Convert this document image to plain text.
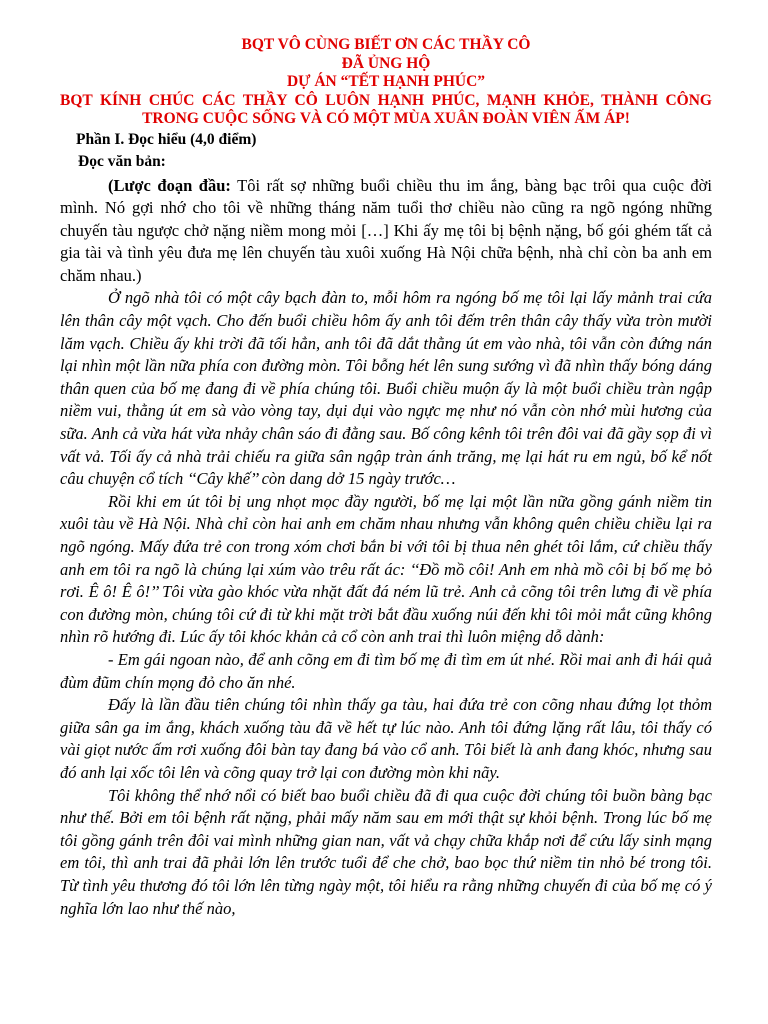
BQT VÔ CÙNG BIẾT ƠN CÁC THẦY CÔ
ĐÃ ỦNG HỘ
DỰ ÁN “TẾT HẠNH PHÚC”
BQT KÍNH CHÚC CÁC THẦY CÔ LUÔN HẠNH PHÚC, MẠNH KHỎE, THÀNH CÔNG TRONG CUỘC SỐNG VÀ CÓ MỘT MÙA XUÂN ĐOÀN VIÊN ẤM ÁP!
Phần I. Đọc hiểu (4,0 điểm)
Đọc văn bản:

(Lược đoạn đầu: Tôi rất sợ những buổi chiều thu im ắng, bàng bạc trôi qua cuộc đời mình. Nó gợi nhớ cho tôi về những tháng năm tuổi thơ chiều nào cũng ra ngõ ngóng những chuyến tàu ngược chở nặng niềm mong mỏi […] Khi ấy mẹ tôi bị bệnh nặng, bố gói ghém tất cả gia tài và tình yêu đưa mẹ lên chuyến tàu xuôi xuống Hà Nội chữa bệnh, nhà chỉ còn ba anh em chăm nhau.)

Ở ngõ nhà tôi có một cây bạch đàn to, mỗi hôm ra ngóng bố mẹ tôi lại lấy mảnh trai cứa lên thân cây một vạch. Cho đến buổi chiều hôm ấy anh tôi đếm trên thân cây thấy vừa tròn mười lăm vạch. Chiều ấy khi trời đã tối hẳn, anh tôi đã dắt thằng út em vào nhà, tôi vẫn còn đứng nán lại nhìn một lần nữa phía con đường mòn. Tôi bỗng hét lên sung sướng vì đã nhìn thấy bóng dáng thân quen của bố mẹ đang đi về phía chúng tôi. Buổi chiều muộn ấy là một buổi chiều tràn ngập niềm vui, thằng út em sà vào vòng tay, dụi dụi vào ngực mẹ như nó vẫn còn nhớ mùi hương của sữa. Anh cả vừa hát vừa nhảy chân sáo đi đằng sau. Bố công kênh tôi trên đôi vai đã gầy sọp đi vì vất vả. Tối ấy cả nhà trải chiếu ra giữa sân ngập tràn ánh trăng, mẹ lại hát ru em ngủ, bố kể nốt câu chuyện cổ tích ‘‘Cây khế’’ còn dang dở 15 ngày trước…

Rồi khi em út tôi bị ung nhọt mọc đầy người, bố mẹ lại một lần nữa gồng gánh niềm tin xuôi tàu về Hà Nội. Nhà chỉ còn hai anh em chăm nhau nhưng vẫn không quên chiều chiều lại ra ngõ ngóng. Mấy đứa trẻ con trong xóm chơi bắn bi với tôi bị thua nên ghét tôi lắm, cứ chiều thấy anh em tôi ra ngõ là chúng lại xúm vào trêu rất ác: ‘‘Đồ mồ côi! Anh em nhà mồ côi bị bố mẹ bỏ rơi. Ê ô! Ê ô!’’ Tôi vừa gào khóc vừa nhặt đất đá ném lũ trẻ. Anh cả cõng tôi trên lưng đi về phía con đường mòn, chúng tôi cứ đi từ khi mặt trời bắt đầu xuống núi đến khi tôi mỏi mắt cũng không nhìn rõ hướng đi. Lúc ấy tôi khóc khản cả cổ còn anh trai thì luôn miệng dỗ dành:

- Em gái ngoan nào, để anh cõng em đi tìm bố mẹ đi tìm em út nhé. Rồi mai anh đi hái quả đùm đũm chín mọng đỏ cho ăn nhé.

Đấy là lần đầu tiên chúng tôi nhìn thấy ga tàu, hai đứa trẻ con cõng nhau đứng lọt thỏm giữa sân ga im ắng, khách xuống tàu đã về hết tự lúc nào. Anh tôi đứng lặng rất lâu, tôi thấy có vài giọt nước ấm rơi xuống đôi bàn tay đang bá vào cổ anh. Tôi biết là anh đang khóc, nhưng sau đó anh lại xốc tôi lên và cõng quay trở lại con đường mòn khi nãy.

Tôi không thể nhớ nổi có biết bao buổi chiều đã đi qua cuộc đời chúng tôi buồn bàng bạc như thế. Bởi em tôi bệnh rất nặng, phải mấy năm sau em mới thật sự khỏi bệnh. Trong lúc bố mẹ tôi gồng gánh trên đôi vai mình những gian nan, vất vả chạy chữa khắp nơi để cứu lấy sinh mạng em tôi, thì anh trai đã phải lớn lên trước tuổi để che chở, bao bọc thứ niềm tin nhỏ bé trong tôi. Từ tình yêu thương đó tôi lớn lên từng ngày một, tôi hiểu ra rằng những chuyến đi của bố mẹ có ý nghĩa lớn lao như thế nào,
